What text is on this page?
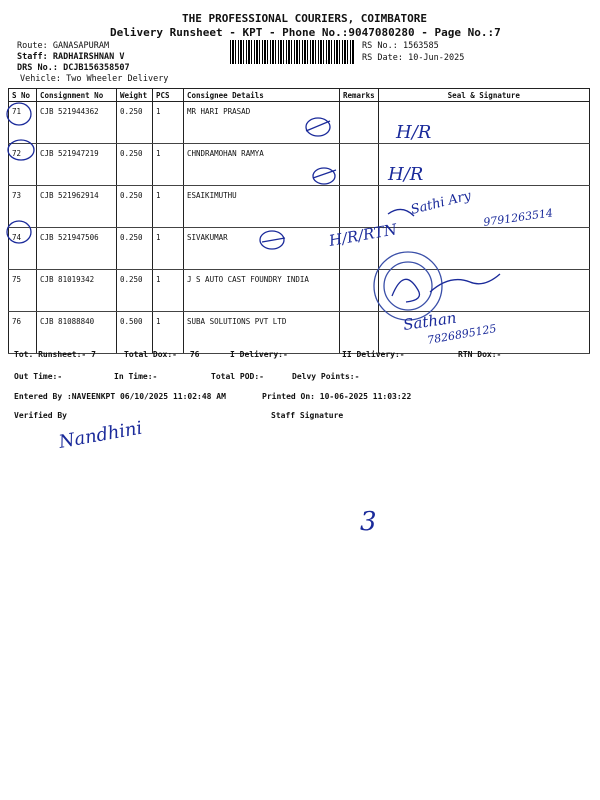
THE PROFESSIONAL COURIERS, COIMBATORE
Delivery Runsheet - KPT - Phone No.:9047080280 - Page No.:7
Route: GANASAPURAM
Staff: RADHAIRSHNAN V
DRS No.: DCJB156358507
Vehicle: Two Wheeler Delivery
RS No.: 1563585
RS Date: 10-Jun-2025
S No	Consignment No	Weight	PCS	Consignee Details	Remarks	Seal & Signature
71	CJB 521944362	0.250	1	MR HARI PRASAD		
72	CJB 521947219	0.250	1	CHNDRAMOHAN RAMYA		
73	CJB 521962914	0.250	1	ESAIKIMUTHU		
74	CJB 521947506	0.250	1	SIVAKUMAR		
75	CJB 81019342	0.250	1	J S AUTO CAST FOUNDRY INDIA		
76	CJB 81088840	0.500	1	SUBA SOLUTIONS PVT LTD		
Tot. Runsheet:- 7	Total Dox:- 76	I Delivery:-	II Delivery:-	RTN Dox:-
Out Time:-	In Time:-	Total POD:-	Delvy Points:-
Entered By :NAVEENKPT 06/10/2025 11:02:48 AM	Printed On: 10-06-2025 11:03:22
Verified By	Staff Signature
H/R
H/R
Sathi Ary 9791263514
H/R/RTN
Sathan
7826895125
Nandhini
3
